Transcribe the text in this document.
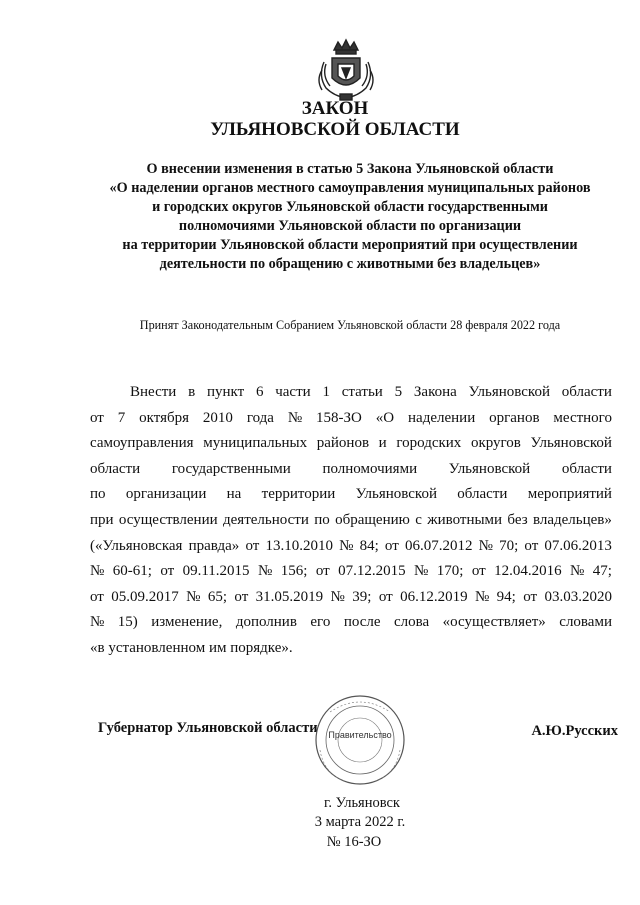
ЗАКОН
УЛЬЯНОВСКОЙ ОБЛАСТИ
О внесении изменения в статью 5 Закона Ульяновской области
«О наделении органов местного самоуправления муниципальных районов
и городских округов Ульяновской области государственными
полномочиями Ульяновской области по организации
на территории Ульяновской области мероприятий при осуществлении
деятельности по обращению с животными без владельцев»
Принят Законодательным Собранием Ульяновской области 28 февраля 2022 года
Внести в пункт 6 части 1 статьи 5 Закона Ульяновской области
от 7 октября 2010 года № 158-ЗО «О наделении органов местного
самоуправления муниципальных районов и городских округов Ульяновской
области государственными полномочиями Ульяновской области
по организации на территории Ульяновской области мероприятий
при осуществлении деятельности по обращению с животными без владельцев»
(«Ульяновская правда» от 13.10.2010 № 84; от 06.07.2012 № 70; от 07.06.2013
№ 60-61; от 09.11.2015 № 156; от 07.12.2015 № 170; от 12.04.2016 № 47;
от 05.09.2017 № 65; от 31.05.2019 № 39; от 06.12.2019 № 94; от 03.03.2020
№ 15) изменение, дополнив его после слова «осуществляет» словами
«в установленном им порядке».
Губернатор Ульяновской области Правительство	А.Ю.Русских
г. Ульяновск
3 марта 2022 г.
№ 16-ЗО
